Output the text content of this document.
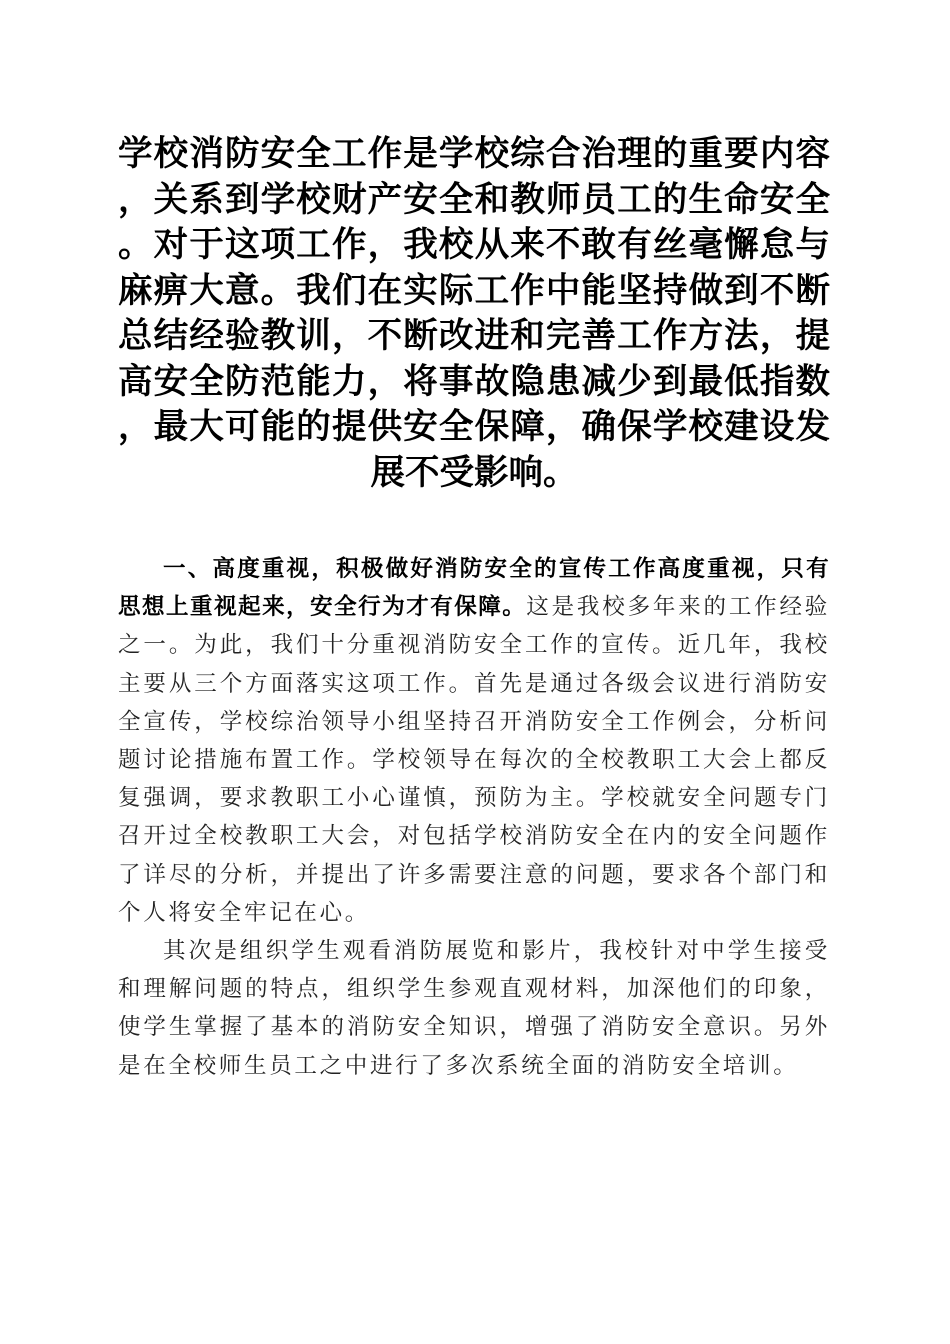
学校消防安全工作是学校综合治理的重要内容，关系到学校财产安全和教师员工的生命安全。对于这项工作，我校从来不敢有丝毫懈怠与麻痹大意。我们在实际工作中能坚持做到不断总结经验教训，不断改进和完善工作方法，提高安全防范能力，将事故隐患减少到最低指数，最大可能的提供安全保障，确保学校建设发展不受影响。

一、高度重视，积极做好消防安全的宣传工作高度重视，只有思想上重视起来，安全行为才有保障。这是我校多年来的工作经验之一。为此，我们十分重视消防安全工作的宣传。近几年，我校主要从三个方面落实这项工作。首先是通过各级会议进行消防安全宣传，学校综治领导小组坚持召开消防安全工作例会，分析问题讨论措施布置工作。学校领导在每次的全校教职工大会上都反复强调，要求教职工小心谨慎，预防为主。学校就安全问题专门召开过全校教职工大会，对包括学校消防安全在内的安全问题作了详尽的分析，并提出了许多需要注意的问题，要求各个部门和个人将安全牢记在心。

其次是组织学生观看消防展览和影片，我校针对中学生接受和理解问题的特点，组织学生参观直观材料，加深他们的印象，使学生掌握了基本的消防安全知识，增强了消防安全意识。另外是在全校师生员工之中进行了多次系统全面的消防安全培训。
